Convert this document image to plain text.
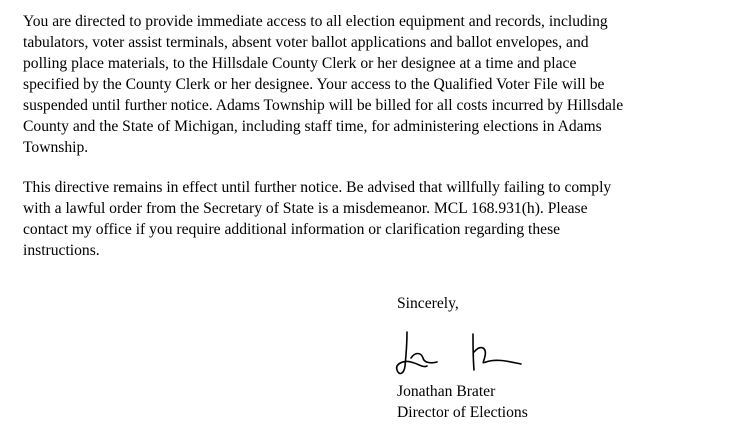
You are directed to provide immediate access to all election equipment and records, including
tabulators, voter assist terminals, absent voter ballot applications and ballot envelopes, and
polling place materials, to the Hillsdale County Clerk or her designee at a time and place
specified by the County Clerk or her designee. Your access to the Qualified Voter File will be
suspended until further notice. Adams Township will be billed for all costs incurred by Hillsdale
County and the State of Michigan, including staff time, for administering elections in Adams
Township.

This directive remains in effect until further notice. Be advised that willfully failing to comply
with a lawful order from the Secretary of State is a misdemeanor. MCL 168.931(h). Please
contact my office if you require additional information or clarification regarding these
instructions.

Sincerely,

Jonathan Brater
Director of Elections
